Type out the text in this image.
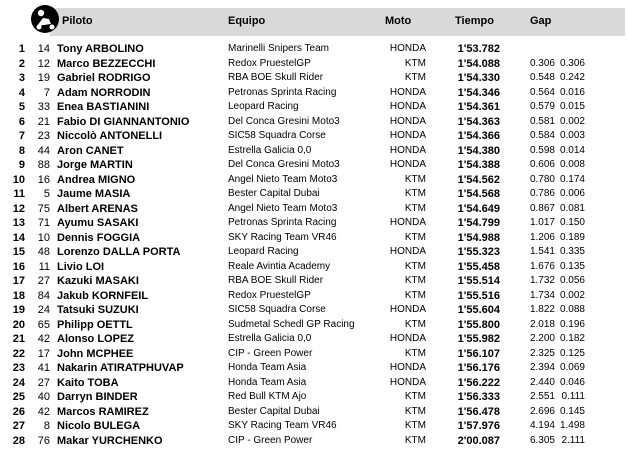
Piloto	Equipo	Moto	Tiempo	Gap
1	14 Tony ARBOLINO	Marinelli Snipers Team	HONDA	1'53.782
2	12 Marco BEZZECCHI	Redox PruestelGP	KTM	1'54.088	0.306 0.306
3	19 Gabriel RODRIGO	RBA BOE Skull Rider	KTM	1'54.330	0.548 0.242
4	7 Adam NORRODIN	Petronas Sprinta Racing	HONDA	1'54.346	0.564 0.016
5	33 Enea BASTIANINI	Leopard Racing	HONDA	1'54.361	0.579 0.015
6	21 Fabio DI GIANNANTONIO	Del Conca Gresini Moto3	HONDA	1'54.363	0.581 0.002
7	23 Niccolò ANTONELLI	SIC58 Squadra Corse	HONDA	1'54.366	0.584 0.003
8	44 Aron CANET	Estrella Galicia 0,0	HONDA	1'54.380	0.598 0.014
9	88 Jorge MARTIN	Del Conca Gresini Moto3	HONDA	1'54.388	0.606 0.008
10	16 Andrea MIGNO	Angel Nieto Team Moto3	KTM	1'54.562	0.780 0.174
11	5 Jaume MASIA	Bester Capital Dubai	KTM	1'54.568	0.786 0.006
12	75 Albert ARENAS	Angel Nieto Team Moto3	KTM	1'54.649	0.867 0.081
13	71 Ayumu SASAKI	Petronas Sprinta Racing	HONDA	1'54.799	1.017 0.150
14	10 Dennis FOGGIA	SKY Racing Team VR46	KTM	1'54.988	1.206 0.189
15	48 Lorenzo DALLA PORTA	Leopard Racing	HONDA	1'55.323	1.541 0.335
16	11 Livio LOI	Reale Avintia Academy	KTM	1'55.458	1.676 0.135
17	27 Kazuki MASAKI	RBA BOE Skull Rider	KTM	1'55.514	1.732 0.056
18	84 Jakub KORNFEIL	Redox PruestelGP	KTM	1'55.516	1.734 0.002
19	24 Tatsuki SUZUKI	SIC58 Squadra Corse	HONDA	1'55.604	1.822 0.088
20	65 Philipp OETTL	Sudmetal Schedl GP Racing	KTM	1'55.800	2.018 0.196
21	42 Alonso LOPEZ	Estrella Galicia 0,0	HONDA	1'55.982	2.200 0.182
22	17 John MCPHEE	CIP - Green Power	KTM	1'56.107	2.325 0.125
23	41 Nakarin ATIRATPHUVAP	Honda Team Asia	HONDA	1'56.176	2.394 0.069
24	27 Kaito TOBA	Honda Team Asia	HONDA	1'56.222	2.440 0.046
25	40 Darryn BINDER	Red Bull KTM Ajo	KTM	1'56.333	2.551 0.111
26	42 Marcos RAMIREZ	Bester Capital Dubai	KTM	1'56.478	2.696 0.145
27	8 Nicolo BULEGA	SKY Racing Team VR46	KTM	1'57.976	4.194 1.498
28	76 Makar YURCHENKO	CIP - Green Power	KTM	2'00.087	6.305 2.111
